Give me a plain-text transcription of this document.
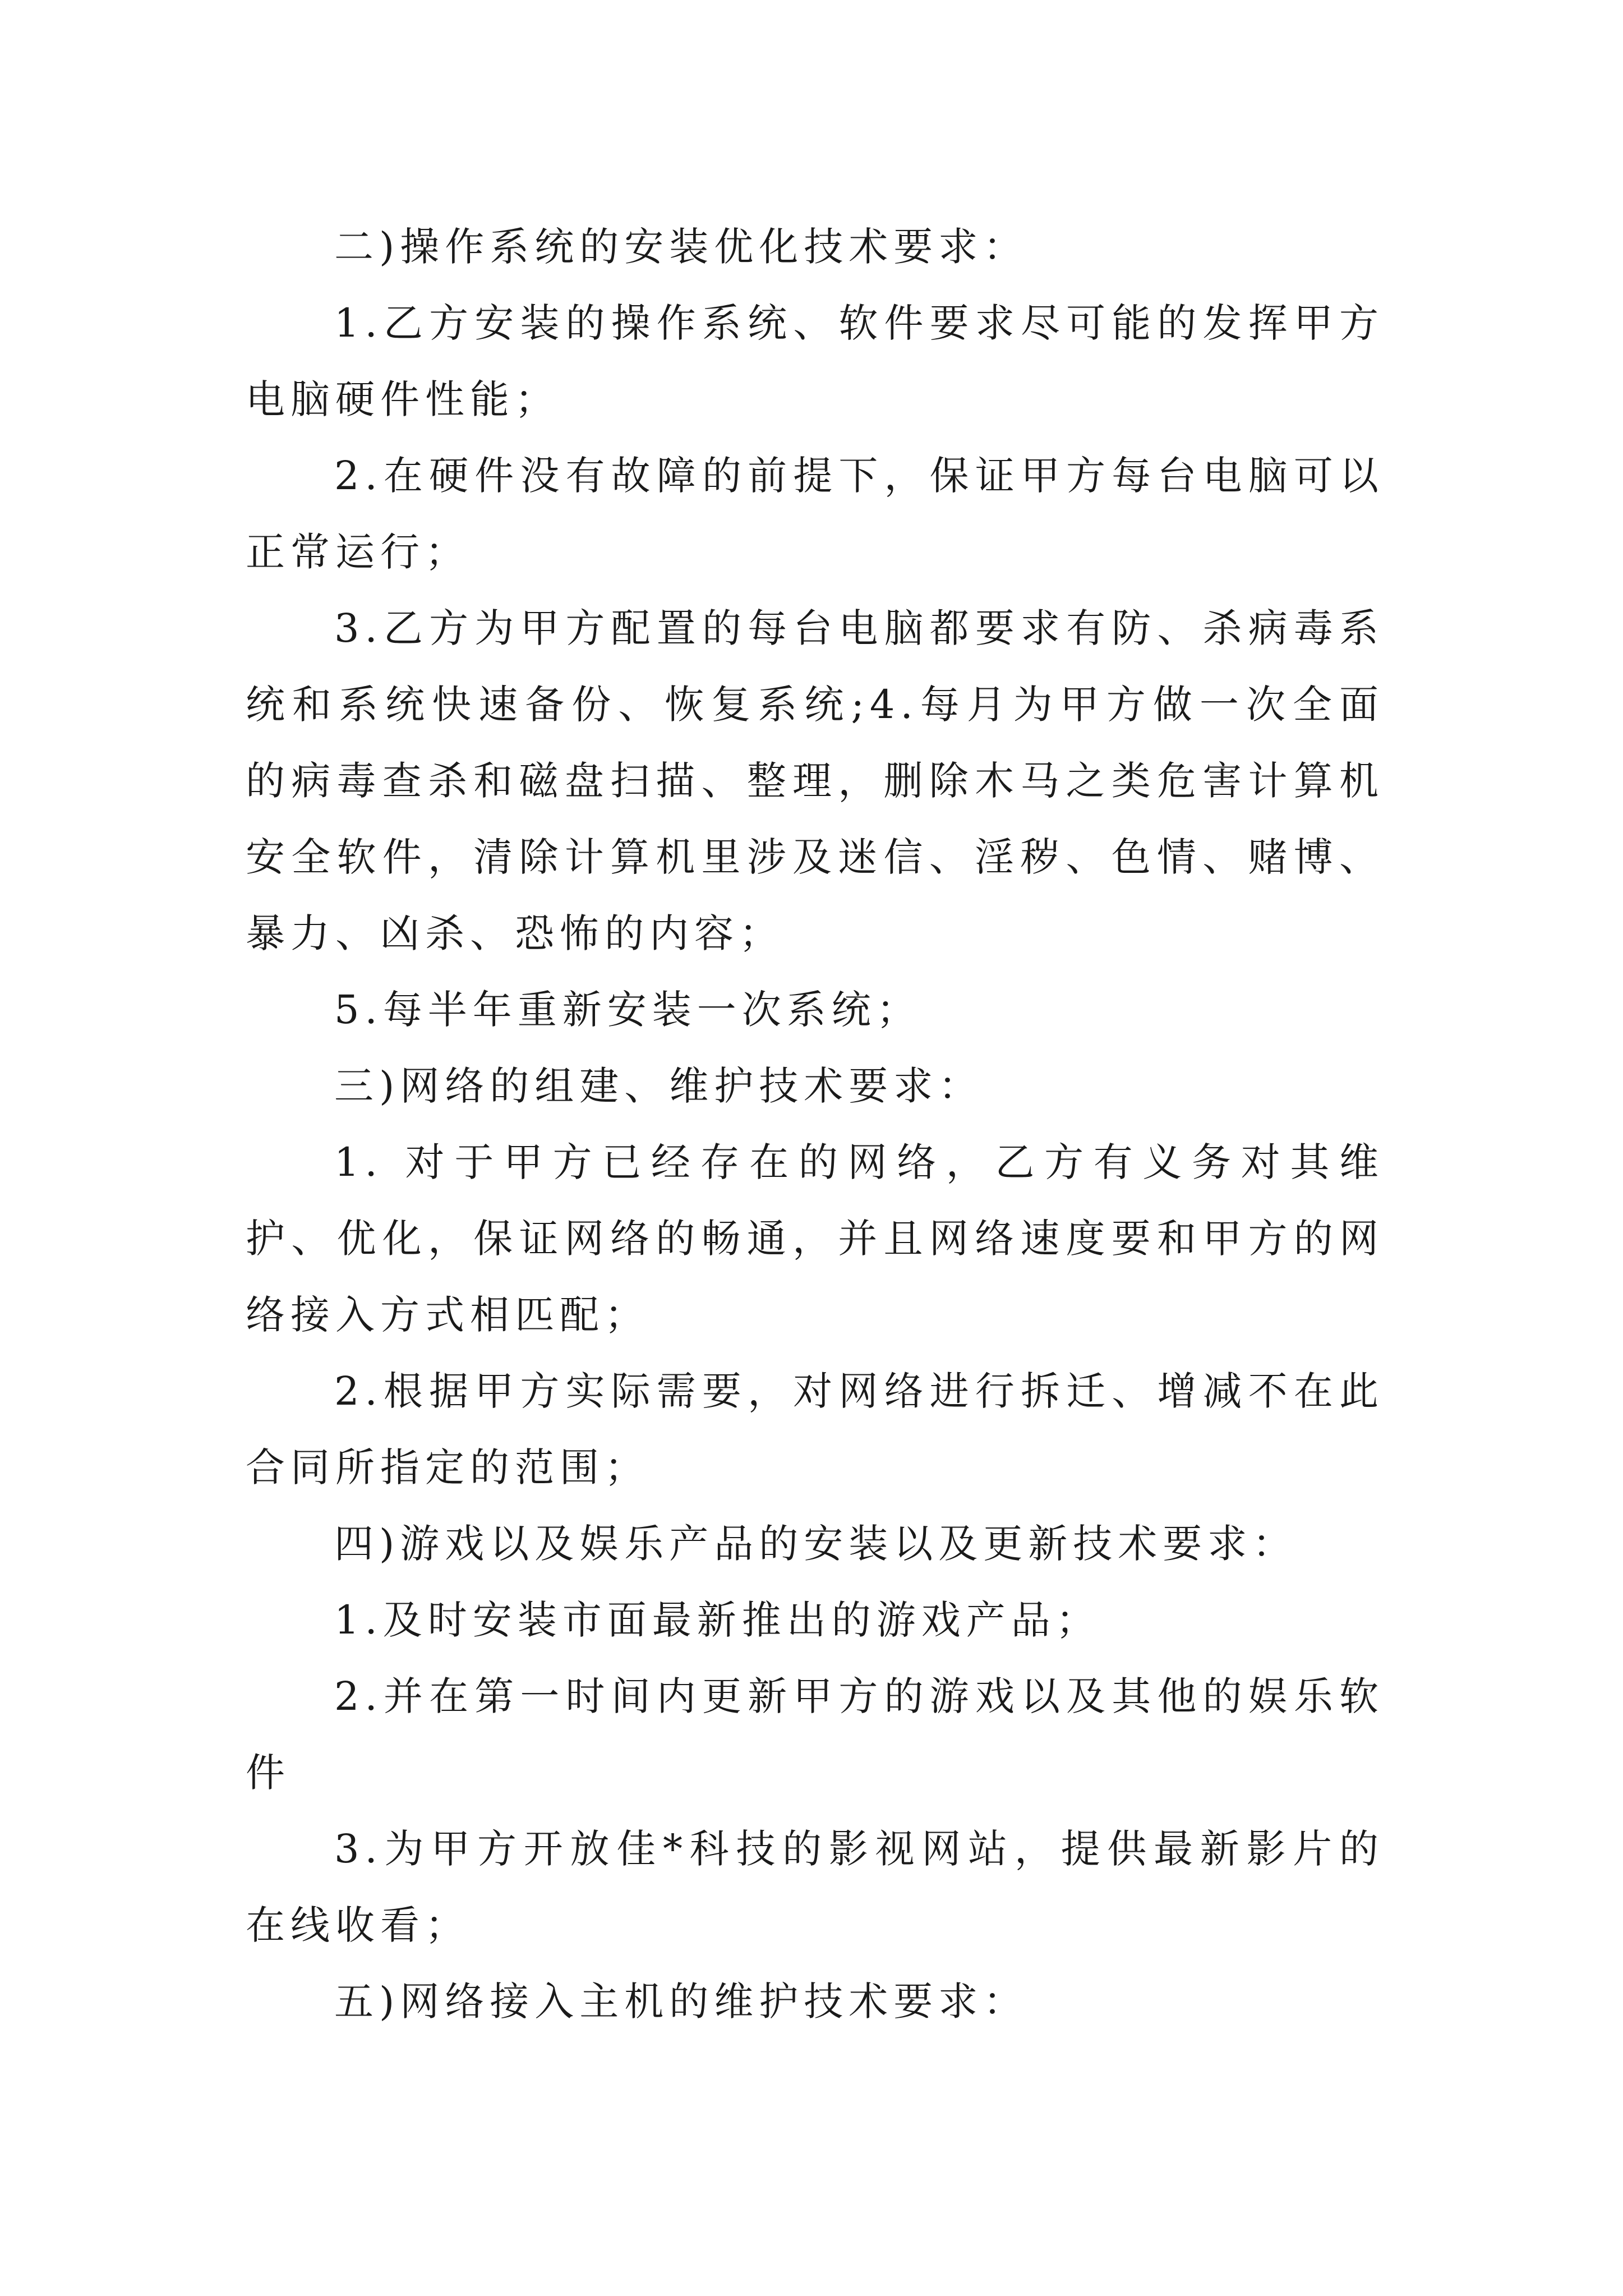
二)操作系统的安装优化技术要求：

1.乙方安装的操作系统、软件要求尽可能的发挥甲方电脑硬件性能；

2.在硬件没有故障的前提下，保证甲方每台电脑可以正常运行；

3.乙方为甲方配置的每台电脑都要求有防、杀病毒系统和系统快速备份、恢复系统;4.每月为甲方做一次全面的病毒查杀和磁盘扫描、整理，删除木马之类危害计算机安全软件，清除计算机里涉及迷信、淫秽、色情、赌博、暴力、凶杀、恐怖的内容；

5.每半年重新安装一次系统；

三)网络的组建、维护技术要求：

1. 对于甲方已经存在的网络，乙方有义务对其维护、优化，保证网络的畅通，并且网络速度要和甲方的网络接入方式相匹配；

2.根据甲方实际需要，对网络进行拆迁、增减不在此合同所指定的范围；

四)游戏以及娱乐产品的安装以及更新技术要求：

1.及时安装市面最新推出的游戏产品；

2.并在第一时间内更新甲方的游戏以及其他的娱乐软件

3.为甲方开放佳*科技的影视网站，提供最新影片的在线收看；

五)网络接入主机的维护技术要求：
